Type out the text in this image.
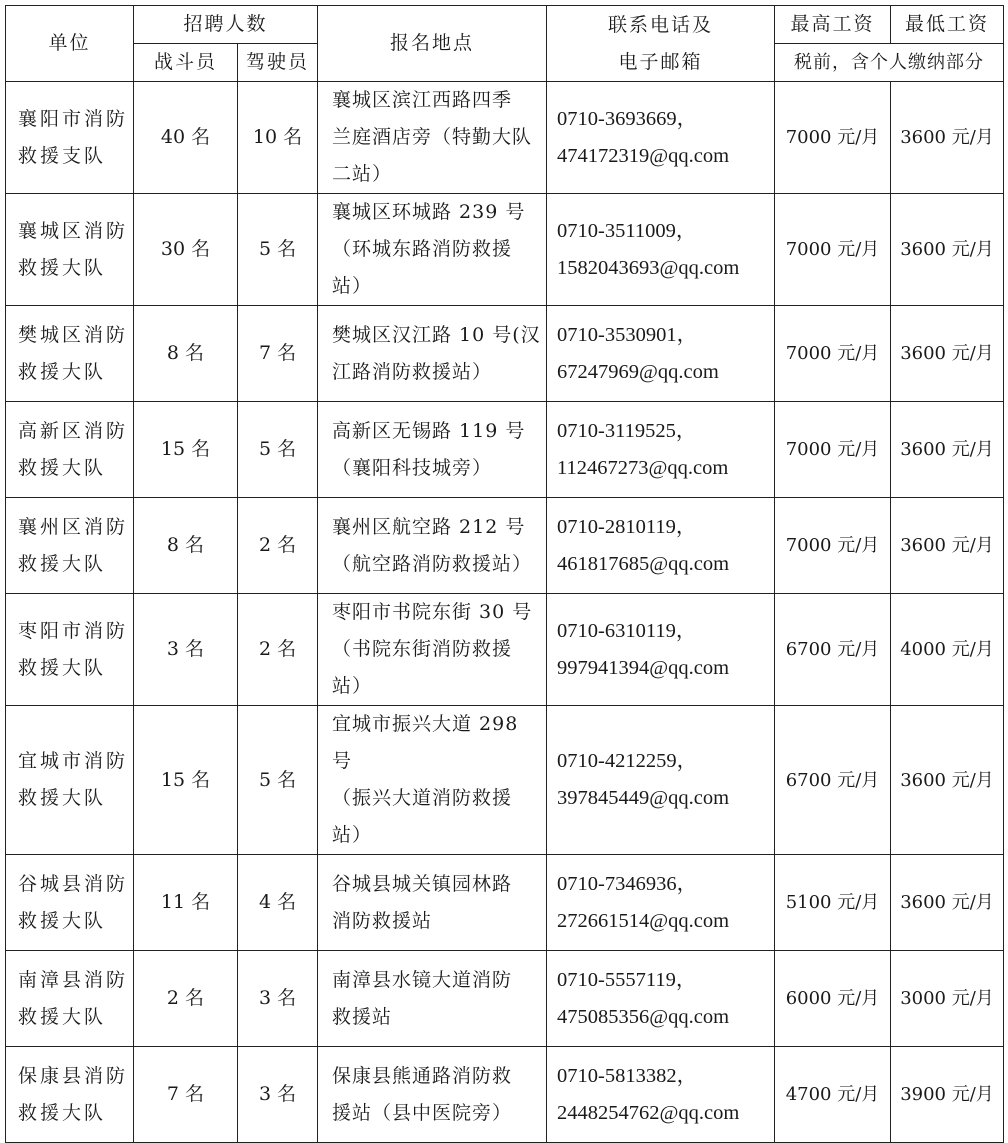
单位	招聘人数		报名地点	联系电话及
电子邮箱	最高工资	最低工资
	战斗员	驾驶员			税前，含个人缴纳部分	

襄阳市消防
救援支队	40 名	10 名	襄城区滨江西路四季
兰庭酒店旁（特勤大队
二站）	0710-3693669，
474172319@qq.com	7000 元/月	3600 元/月

襄城区消防
救援大队	30 名	5 名	襄城区环城路 239 号
（环城东路消防救援
站）	0710-3511009，
1582043693@qq.com	7000 元/月	3600 元/月

樊城区消防
救援大队	8 名	7 名	樊城区汉江路 10 号(汉
江路消防救援站）	0710-3530901，
67247969@qq.com	7000 元/月	3600 元/月

高新区消防
救援大队	15 名	5 名	高新区无锡路 119 号
（襄阳科技城旁）	0710-3119525，
112467273@qq.com	7000 元/月	3600 元/月

襄州区消防
救援大队	8 名	2 名	襄州区航空路 212 号
（航空路消防救援站）	0710-2810119，
461817685@qq.com	7000 元/月	3600 元/月

枣阳市消防
救援大队	3 名	2 名	枣阳市书院东街 30 号
（书院东街消防救援
站）	0710-6310119，
997941394@qq.com	6700 元/月	4000 元/月

宜城市消防
救援大队	15 名	5 名	宜城市振兴大道 298 号
（振兴大道消防救援
站）	0710-4212259，
397845449@qq.com	6700 元/月	3600 元/月

谷城县消防
救援大队	11 名	4 名	谷城县城关镇园林路
消防救援站	0710-7346936，
272661514@qq.com	5100 元/月	3600 元/月

南漳县消防
救援大队	2 名	3 名	南漳县水镜大道消防
救援站	0710-5557119，
475085356@qq.com	6000 元/月	3000 元/月

保康县消防
救援大队	7 名	3 名	保康县熊通路消防救
援站（县中医院旁）	0710-5813382，
2448254762@qq.com	4700 元/月	3900 元/月
